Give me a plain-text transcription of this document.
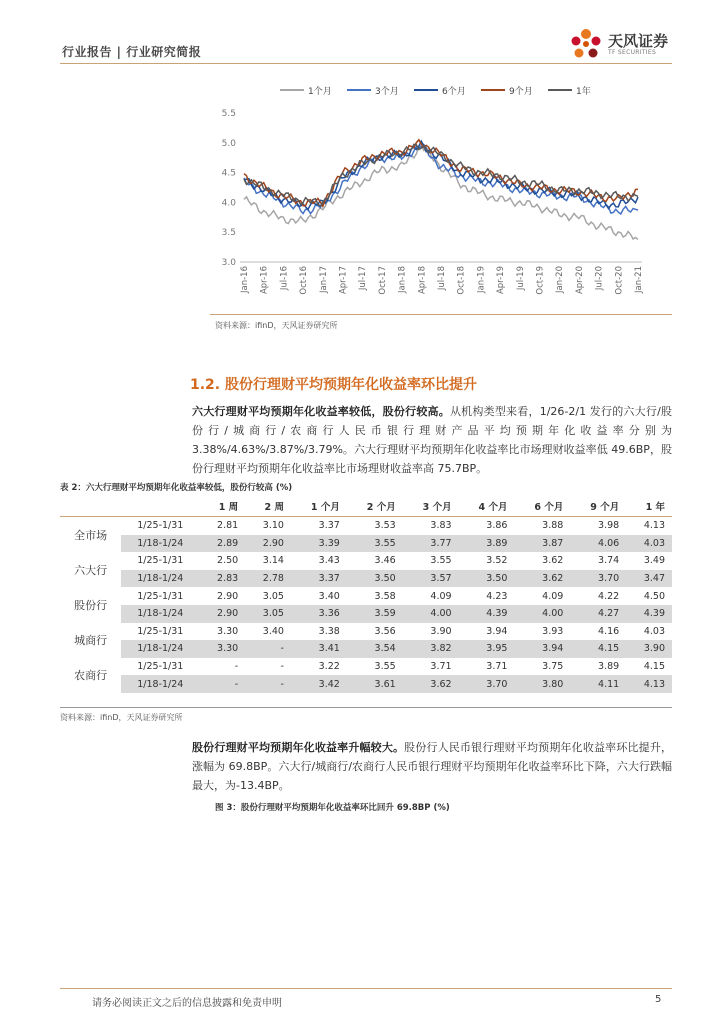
行业报告 | 行业研究简报
天风证券
TF SECURITIES
1个月	3个月	6个月	9个月	1年
5.5
5.0
4.5
4.0
3.5
3.0
Jan-16 Apr-16 Jul-16 Oct-16 Jan-17 Apr-17 Jul-17 Oct-17 Jan-18 Apr-18 Jul-18 Oct-18 Jan-19 Apr-19 Jul-19 Oct-19 Jan-20 Apr-20 Jul-20 Oct-20 Jan-21
资料来源：ifinD，天风证券研究所
1.2. 股份行理财平均预期年化收益率环比提升
六大行理财平均预期年化收益率较低，股份行较高。从机构类型来看，1/26-2/1 发行的六大行/股份行/城商行/农商行人民币银行理财产品平均预期年化收益率分别为 3.38%/4.63%/3.87%/3.79%。六大行理财平均预期年化收益率比市场理财收益率低 49.6BP，股份行理财平均预期年化收益率比市场理财收益率高 75.7BP。
表 2：六大行理财平均预期年化收益率较低，股份行较高 (%)
		1 周	2 周	1 个月	2 个月	3 个月	4 个月	6 个月	9 个月	1 年
全市场	1/25-1/31	2.81	3.10	3.37	3.53	3.83	3.86	3.88	3.98	4.13
	1/18-1/24	2.89	2.90	3.39	3.55	3.77	3.89	3.87	4.06	4.03
六大行	1/25-1/31	2.50	3.14	3.43	3.46	3.55	3.52	3.62	3.74	3.49
	1/18-1/24	2.83	2.78	3.37	3.50	3.57	3.50	3.62	3.70	3.47
股份行	1/25-1/31	2.90	3.05	3.40	3.58	4.09	4.23	4.09	4.22	4.50
	1/18-1/24	2.90	3.05	3.36	3.59	4.00	4.39	4.00	4.27	4.39
城商行	1/25-1/31	3.30	3.40	3.38	3.56	3.90	3.94	3.93	4.16	4.03
	1/18-1/24	3.30	-	3.41	3.54	3.82	3.95	3.94	4.15	3.90
农商行	1/25-1/31	-	-	3.22	3.55	3.71	3.71	3.75	3.89	4.15
	1/18-1/24	-	-	3.42	3.61	3.62	3.70	3.80	4.11	4.13
资料来源：ifinD，天风证券研究所
股份行理财平均预期年化收益率升幅较大。股份行人民币银行理财平均预期年化收益率环比提升，涨幅为 69.8BP。六大行/城商行/农商行人民币银行理财平均预期年化收益率环比下降，六大行跌幅最大，为-13.4BP。
图 3：股份行理财平均预期年化收益率环比回升 69.8BP (%)
请务必阅读正文之后的信息披露和免责申明	5
